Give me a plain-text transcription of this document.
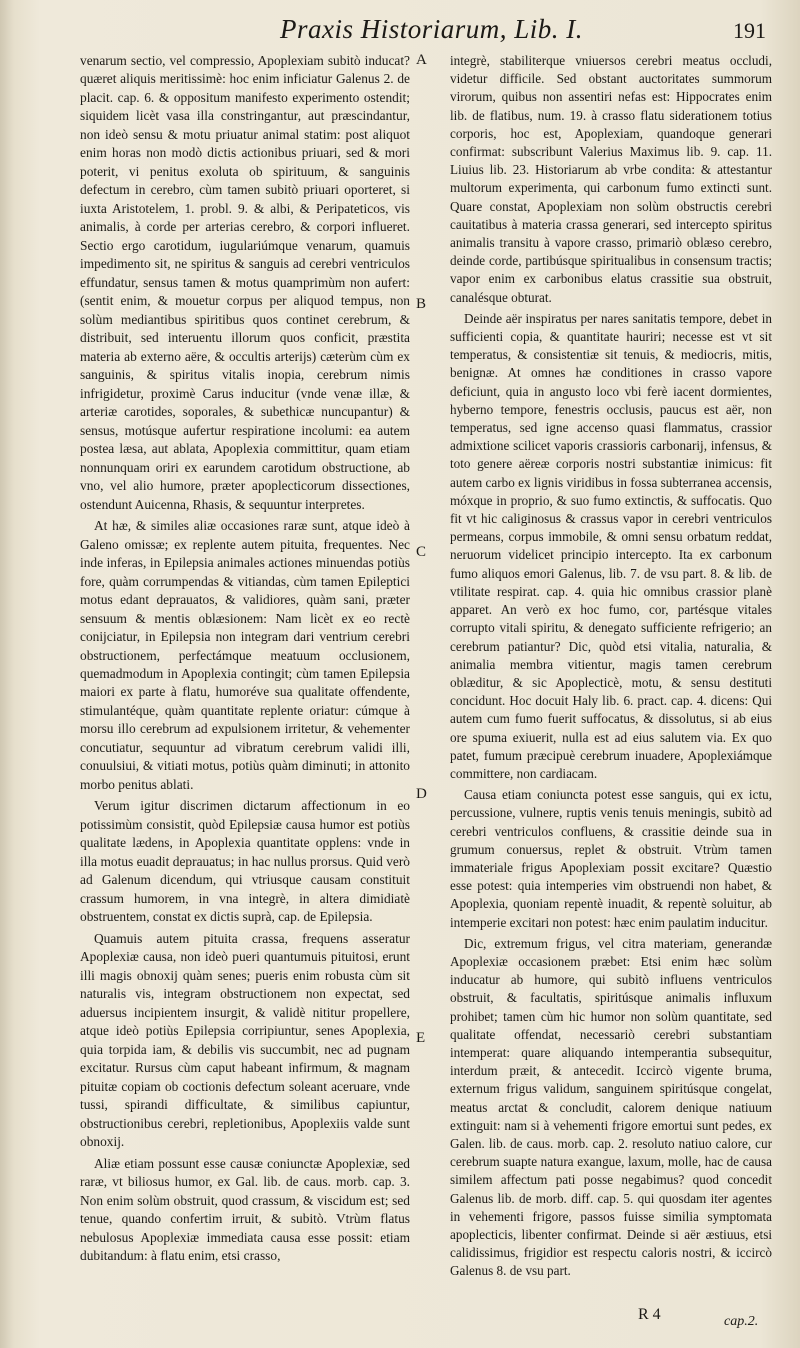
Praxis Historiarum, Lib. I.	191

venarum sectio, vel compressio, Apoplexiam subitò inducat? quæret aliquis meritissimè: hoc enim inficiatur Galenus 2. de placit. cap. 6. & oppositum manifesto experimento ostendit; siquidem licèt vasa illa constringantur, aut præscindantur, non ideò sensu & motu priuatur animal statim: post aliquot enim horas non modò dictis actionibus priuari, sed & mori poterit, vi penitus exoluta ob spirituum, & sanguinis defectum in cerebro, cùm tamen subitò priuari oporteret, si iuxta Aristotelem, 1. probl. 9. & albi, & Peripateticos, vis animalis, à corde per arterias cerebro, & corpori influeret. Sectio ergo carotidum, iugulariúmque venarum, quamuis impedimento sit, ne spiritus & sanguis ad cerebri ventriculos effundatur, sensus tamen & motus quamprimùm non aufert: (sentit enim, & mouetur corpus per aliquod tempus, non solùm mediantibus spiritibus quos continet cerebrum, & distribuit, sed interuentu illorum quos conficit, præstita materia ab externo aëre, & occultis arterijs) cæterùm cùm ex sanguinis, & spiritus vitalis inopia, cerebrum nimis infrigidetur, proximè Carus inducitur (vnde venæ illæ, & arteriæ carotides, soporales, & subethicæ nuncupantur) & sensus, motúsque aufertur respiratione incolumi: ea autem postea læsa, aut ablata, Apoplexia committitur, quam etiam nonnunquam oriri ex earundem carotidum obstructione, ab vno, vel alio humore, præter apoplecticorum dissectiones, ostendunt Auicenna, Rhasis, & sequuntur interpretes.

At hæ, & similes aliæ occasiones raræ sunt, atque ideò à Galeno omissæ; ex replente autem pituita, frequentes. Nec inde inferas, in Epilepsia animales actiones minuendas potiùs fore, quàm corrumpendas & vitiandas, cùm tamen Epileptici motus edant deprauatos, & validiores, quàm sani, præter sensuum & mentis oblæsionem: Nam licèt ex eo rectè conijciatur, in Epilepsia non integram dari ventrium cerebri obstructionem, perfectámque meatuum occlusionem, quemadmodum in Apoplexia contingit; cùm tamen Epilepsia maiori ex parte à flatu, humoréve sua qualitate offendente, stimulantéque, quàm quantitate replente oriatur: cúmque à morsu illo cerebrum ad expulsionem irritetur, & vehementer concutiatur, sequuntur ad vibratum cerebrum validi illi, conuulsiui, & vitiati motus, potiùs quàm diminuti; in attonito morbo penitus ablati.

Verum igitur discrimen dictarum affectionum in eo potissimùm consistit, quòd Epilepsiæ causa humor est potiùs qualitate lædens, in Apoplexia quantitate opplens: vnde in illa motus euadit deprauatus; in hac nullus prorsus. Quid verò ad Galenum dicendum, qui vtriusque causam constituit crassum humorem, in vna integrè, in altera dimidiatè obstruentem, constat ex dictis suprà, cap. de Epilepsia.

Quamuis autem pituita crassa, frequens asseratur Apoplexiæ causa, non ideò pueri quantumuis pituitosi, erunt illi magis obnoxij quàm senes; pueris enim robusta cùm sit naturalis vis, integram obstructionem non expectat, sed aduersus incipientem insurgit, & validè nititur propellere, atque ideò potiùs Epilepsia corripiuntur, senes Apoplexia, quia torpida iam, & debilis vis succumbit, nec ad pugnam excitatur. Rursus cùm caput habeant infirmum, & magnam pituitæ copiam ob coctionis defectum soleant aceruare, vnde tussi, spirandi difficultate, & similibus capiuntur, obstructionibus cerebri, repletionibus, Apoplexiis valde sunt obnoxij.

Aliæ etiam possunt esse causæ coniunctæ Apoplexiæ, sed raræ, vt biliosus humor, ex Gal. lib. de caus. morb. cap. 3. Non enim solùm obstruit, quod crassum, & viscidum est; sed tenue, quando confertim irruit, & subitò. Vtrùm flatus nebulosus Apoplexiæ immediata causa esse possit: etiam dubitandum: à flatu enim, etsi crasso,

A
B
C
D
E

integrè, stabiliterque vniuersos cerebri meatus occludi, videtur difficile. Sed obstant auctoritates summorum virorum, quibus non assentiri nefas est: Hippocrates enim lib. de flatibus, num. 19. à crasso flatu siderationem totius corporis, hoc est, Apoplexiam, quandoque generari confirmat: subscribunt Valerius Maximus lib. 9. cap. 11. Liuius lib. 23. Historiarum ab vrbe condita: & attestantur multorum experimenta, qui carbonum fumo extincti sunt. Quare constat, Apoplexiam non solùm obstructis cerebri cauitatibus à materia crassa generari, sed intercepto spiritus animalis transitu à vapore crasso, primariò oblæso cerebro, deinde corde, partibúsque spiritualibus in consensum tractis; vapor enim ex carbonibus elatus crassitie sua obstruit, canalésque obturat.

Deinde aër inspiratus per nares sanitatis tempore, debet in sufficienti copia, & quantitate hauriri; necesse est vt sit temperatus, & consistentiæ sit tenuis, & mediocris, mitis, benignæ. At omnes hæ conditiones in crasso vapore deficiunt, quia in angusto loco vbi ferè iacent dormientes, hyberno tempore, fenestris occlusis, paucus est aër, non temperatus, sed igne accenso quasi flammatus, crassior admixtione scilicet vaporis crassioris carbonarij, infensus, & toto genere aëreæ corporis nostri substantiæ inimicus: fit autem carbo ex lignis viridibus in fossa subterranea accensis, móxque in proprio, & suo fumo extinctis, & suffocatis. Quo fit vt hic caliginosus & crassus vapor in cerebri ventriculos permeans, corpus immobile, & omni sensu orbatum reddat, neruorum videlicet principio intercepto. Ita ex carbonum fumo aliquos emori Galenus, lib. 7. de vsu part. 8. & lib. de vtilitate respirat. cap. 4. quia hic omnibus crassior planè apparet. An verò ex hoc fumo, cor, partésque vitales corrupto vitali spiritu, & denegato sufficiente refrigerio; an cerebrum patiantur? Dic, quòd etsi vitalia, naturalia, & animalia membra vitientur, magis tamen cerebrum oblæditur, & sic Apoplecticè, motu, & sensu destituti concidunt. Hoc docuit Haly lib. 6. pract. cap. 4. dicens: Qui autem cum fumo fuerit suffocatus, & dissolutus, si ab eius ore spuma exiuerit, nulla est ad eius salutem via. Ex quo patet, fumum præcipuè cerebrum inuadere, Apoplexiámque committere, non cardiacam.

Causa etiam coniuncta potest esse sanguis, qui ex ictu, percussione, vulnere, ruptis venis tenuis meningis, subitò ad cerebri ventriculos confluens, & crassitie deinde sua in grumum conuersus, replet & obstruit. Vtrùm tamen immateriale frigus Apoplexiam possit excitare? Quæstio esse potest: quia intemperies vim obstruendi non habet, & Apoplexia, quoniam repentè inuadit, & repentè soluitur, ab intemperie excitari non potest: hæc enim paulatim inducitur.

Dic, extremum frigus, vel citra materiam, generandæ Apoplexiæ occasionem præbet: Etsi enim hæc solùm inducatur ab humore, qui subitò influens ventriculos obstruit, & facultatis, spiritúsque animalis influxum prohibet; tamen cùm hic humor non solùm quantitate, sed qualitate offendat, necessariò cerebri substantiam intemperat: quare aliquando intemperantia subsequitur, interdum præit, & antecedit. Iccircò vigente bruma, externum frigus validum, sanguinem spiritúsque congelat, meatus arctat & concludit, calorem denique natiuum extinguit: nam si à vehementi frigore emortui sunt pedes, ex Galen. lib. de caus. morb. cap. 2. resoluto natiuo calore, cur cerebrum suapte natura exangue, laxum, molle, hac de causa similem affectum pati posse negabimus? quod concedit Galenus lib. de morb. diff. cap. 5. qui quosdam iter agentes in vehementi frigore, passos fuisse similia symptomata apoplecticis, libenter confirmat. Deinde si aër æstiuus, etsi calidissimus, frigidior est respectu caloris nostri, & iccircò Galenus 8. de vsu part.

R 4	cap.2.
